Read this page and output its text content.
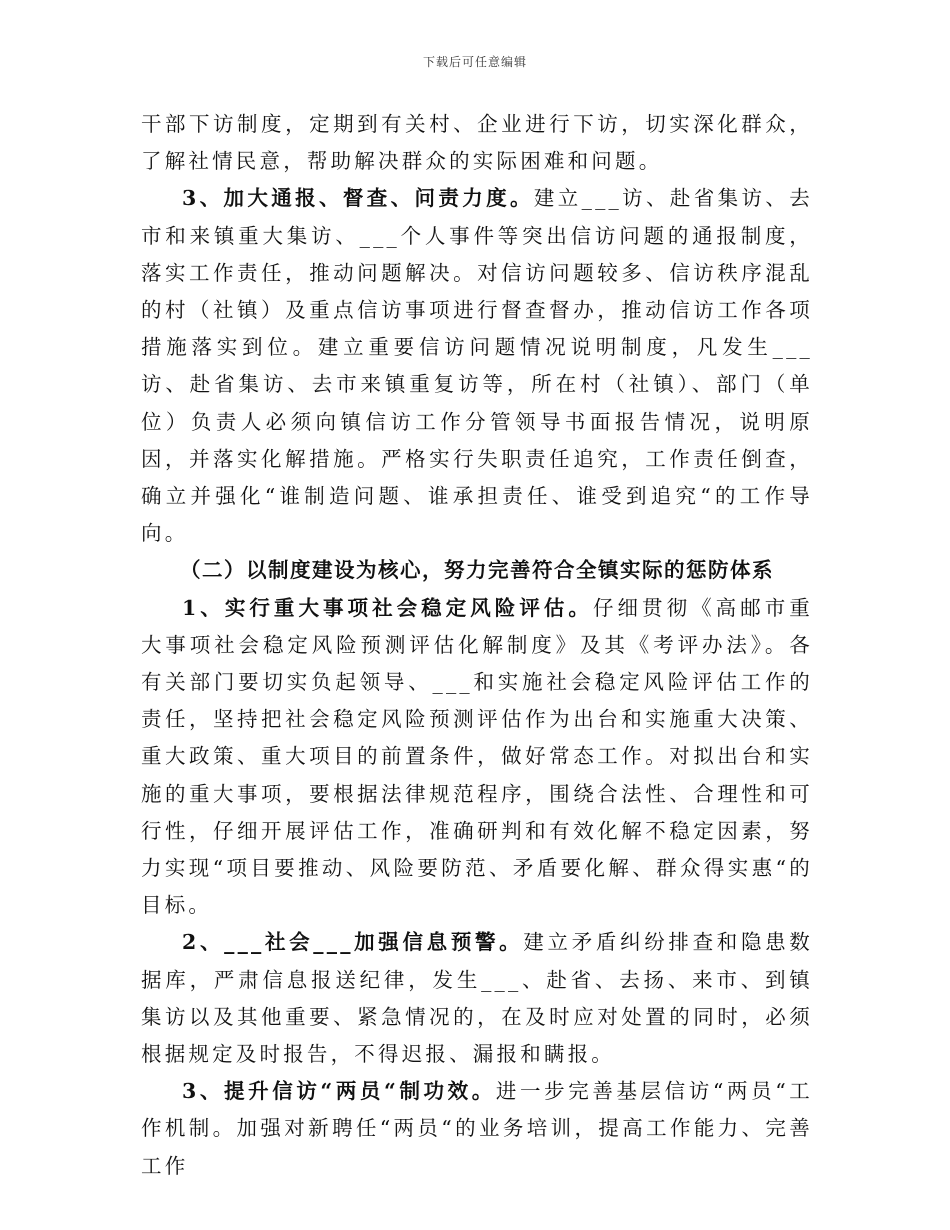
下载后可任意编辑

干部下访制度，定期到有关村、企业进行下访，切实深化群众，了解社情民意，帮助解决群众的实际困难和问题。

3、加大通报、督查、问责力度。建立___访、赴省集访、去市和来镇重大集访、___个人事件等突出信访问题的通报制度，落实工作责任，推动问题解决。对信访问题较多、信访秩序混乱的村（社镇）及重点信访事项进行督查督办，推动信访工作各项措施落实到位。建立重要信访问题情况说明制度，凡发生___访、赴省集访、去市来镇重复访等，所在村（社镇）、部门（单位）负责人必须向镇信访工作分管领导书面报告情况，说明原因，并落实化解措施。严格实行失职责任追究，工作责任倒查，确立并强化“谁制造问题、谁承担责任、谁受到追究“的工作导向。

（二）以制度建设为核心，努力完善符合全镇实际的惩防体系

1、实行重大事项社会稳定风险评估。仔细贯彻《高邮市重大事项社会稳定风险预测评估化解制度》及其《考评办法》。各有关部门要切实负起领导、___和实施社会稳定风险评估工作的责任，坚持把社会稳定风险预测评估作为出台和实施重大决策、重大政策、重大项目的前置条件，做好常态工作。对拟出台和实施的重大事项，要根据法律规范程序，围绕合法性、合理性和可行性，仔细开展评估工作，准确研判和有效化解不稳定因素，努力实现“项目要推动、风险要防范、矛盾要化解、群众得实惠“的目标。

2、___社会___加强信息预警。建立矛盾纠纷排查和隐患数据库，严肃信息报送纪律，发生___、赴省、去扬、来市、到镇集访以及其他重要、紧急情况的，在及时应对处置的同时，必须根据规定及时报告，不得迟报、漏报和瞒报。

3、提升信访“两员“制功效。进一步完善基层信访“两员“工作机制。加强对新聘任“两员“的业务培训，提高工作能力、完善工作
